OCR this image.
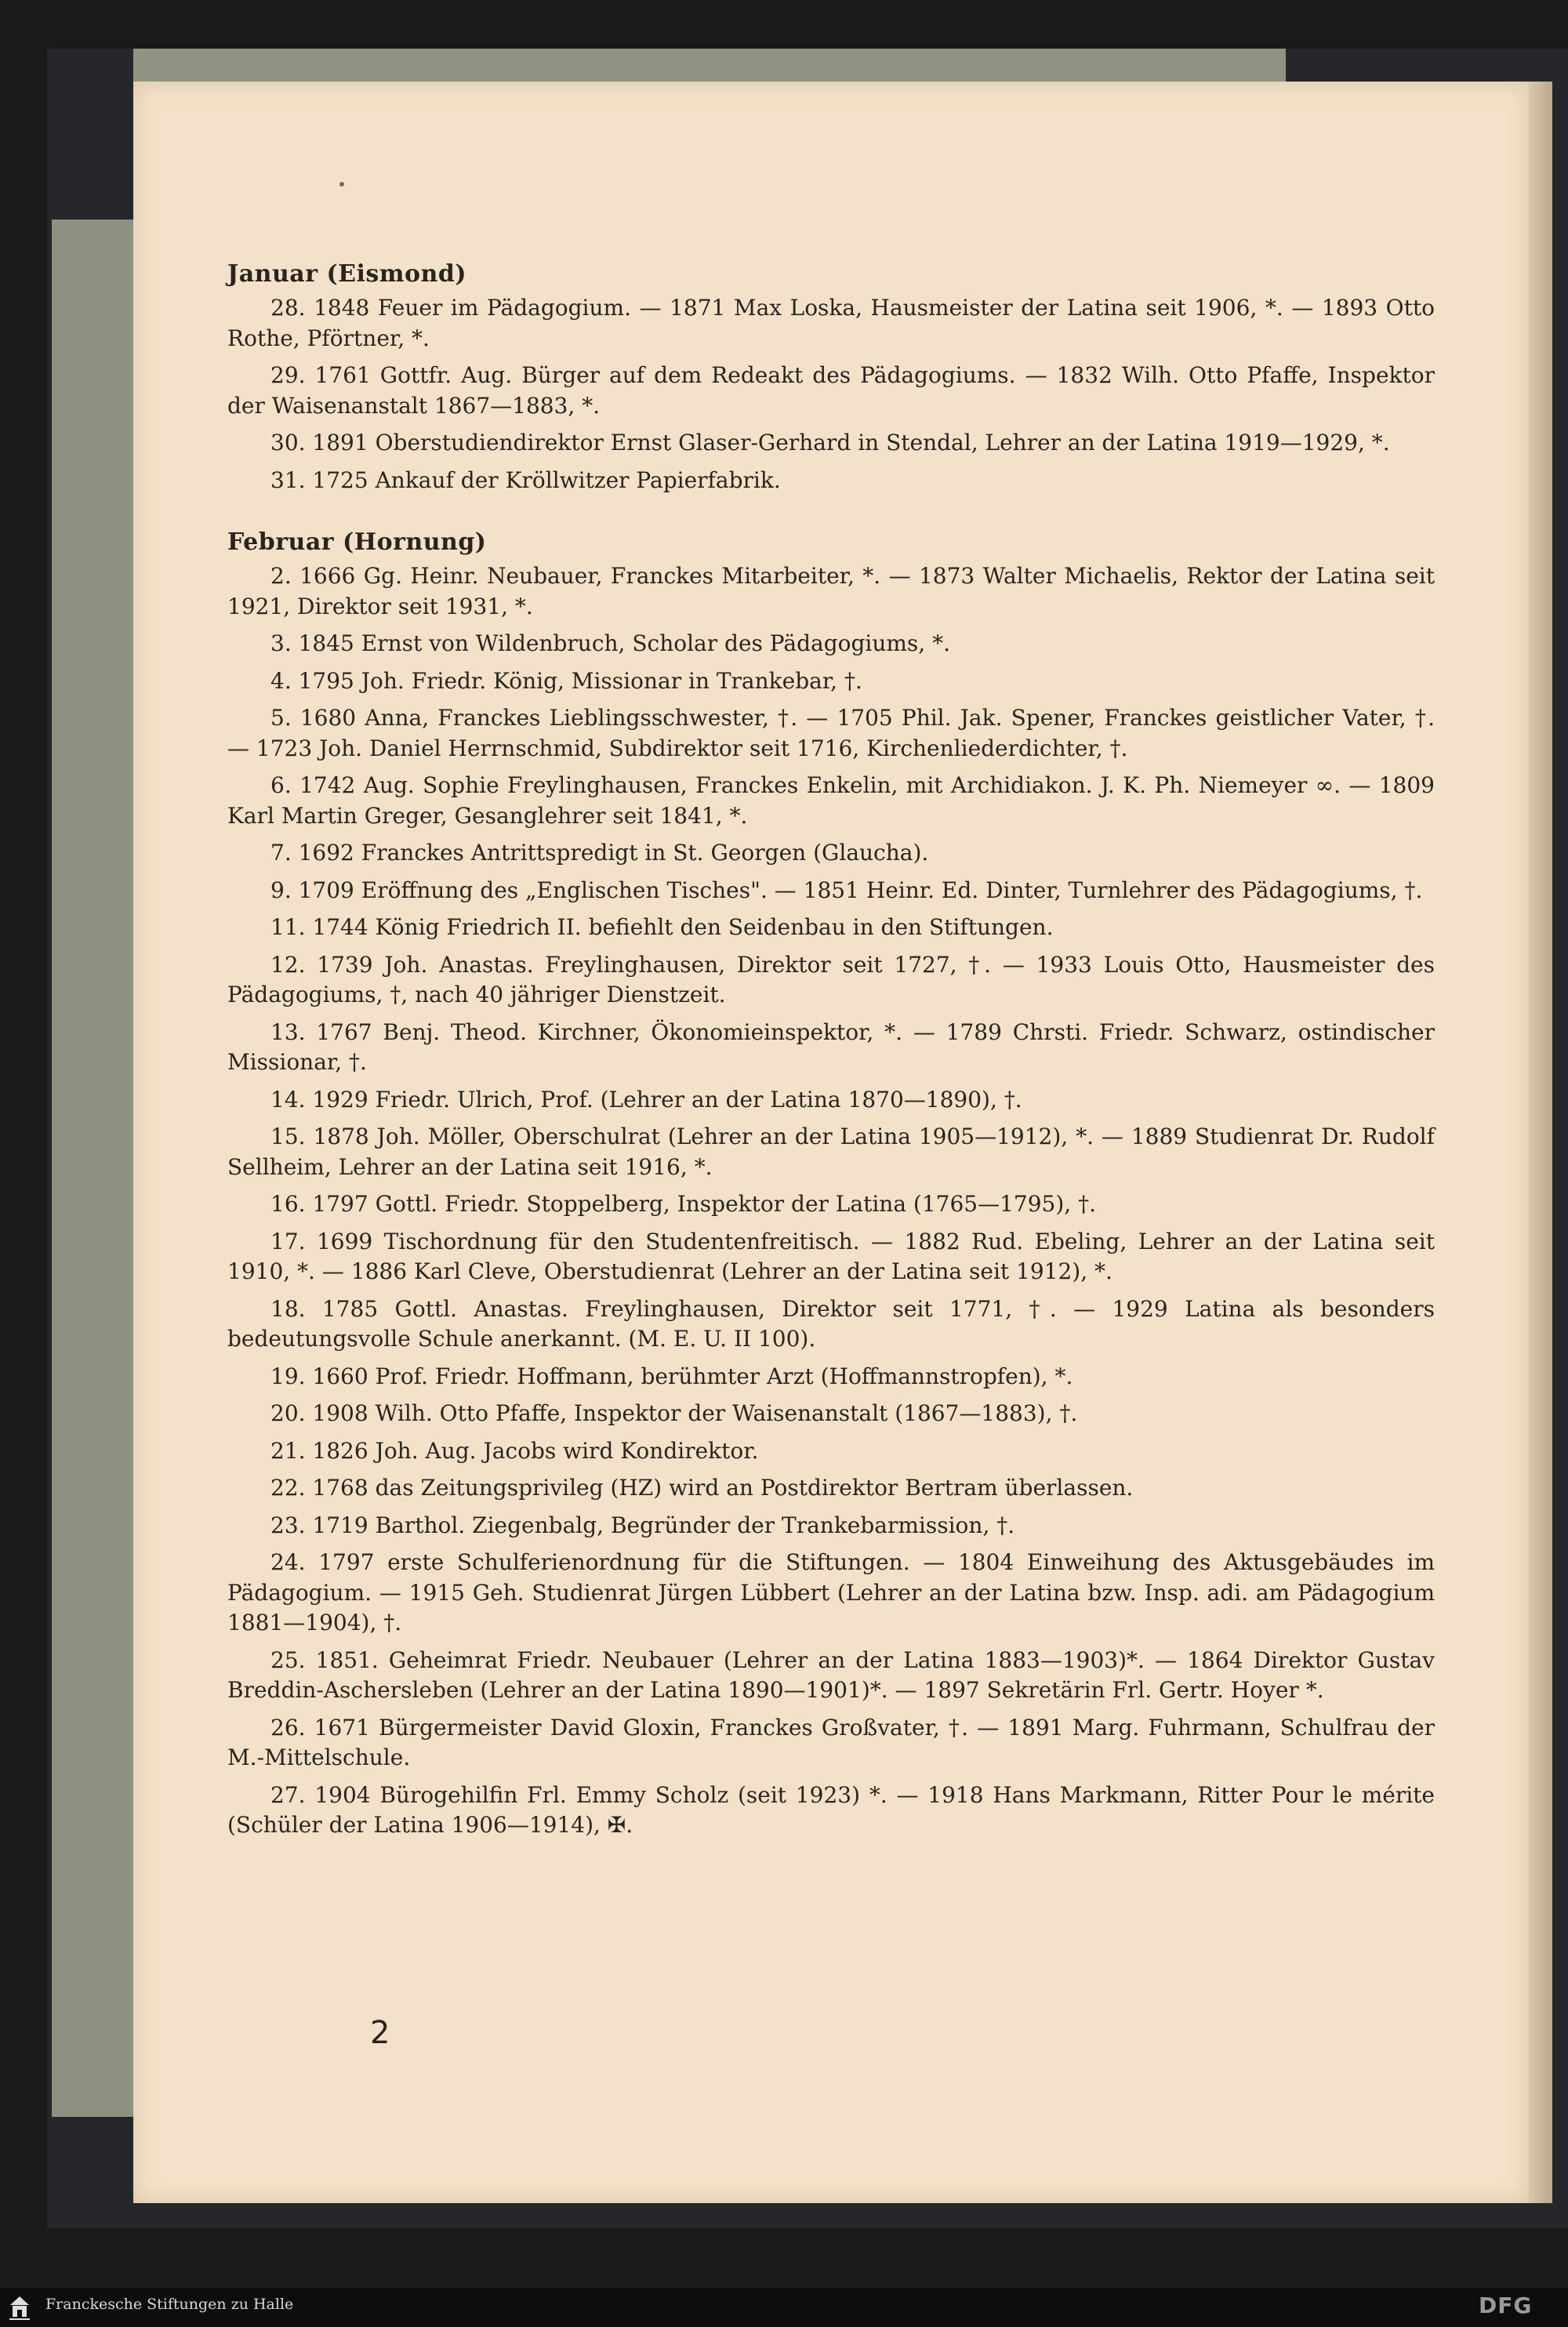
Januar (Eismond)

28. 1848 Feuer im Pädagogium. — 1871 Max Loska, Hausmeister der Latina seit 1906, *. — 1893 Otto Rothe, Pförtner, *.

29. 1761 Gottfr. Aug. Bürger auf dem Redeakt des Pädagogiums. — 1832 Wilh. Otto Pfaffe, Inspektor der Waisenanstalt 1867—1883, *.

30. 1891 Oberstudiendirektor Ernst Glaser-Gerhard in Stendal, Lehrer an der Latina 1919—1929, *.

31. 1725 Ankauf der Kröllwitzer Papierfabrik.

Februar (Hornung)

2. 1666 Gg. Heinr. Neubauer, Franckes Mitarbeiter, *. — 1873 Walter Michaelis, Rektor der Latina seit 1921, Direktor seit 1931, *.

3. 1845 Ernst von Wildenbruch, Scholar des Pädagogiums, *.

4. 1795 Joh. Friedr. König, Missionar in Trankebar, †.

5. 1680 Anna, Franckes Lieblingsschwester, †. — 1705 Phil. Jak. Spener, Franckes geistlicher Vater, †. — 1723 Joh. Daniel Herrnschmid, Subdirektor seit 1716, Kirchenliederdichter, †.

6. 1742 Aug. Sophie Freylinghausen, Franckes Enkelin, mit Archidiakon. J. K. Ph. Niemeyer ∞. — 1809 Karl Martin Greger, Gesanglehrer seit 1841, *.

7. 1692 Franckes Antrittspredigt in St. Georgen (Glaucha).

9. 1709 Eröffnung des „Englischen Tisches". — 1851 Heinr. Ed. Dinter, Turnlehrer des Pädagogiums, †.

11. 1744 König Friedrich II. befiehlt den Seidenbau in den Stiftungen.

12. 1739 Joh. Anastas. Freylinghausen, Direktor seit 1727, †. — 1933 Louis Otto, Hausmeister des Pädagogiums, †, nach 40 jähriger Dienstzeit.

13. 1767 Benj. Theod. Kirchner, Ökonomieinspektor, *. — 1789 Chrsti. Friedr. Schwarz, ostindischer Missionar, †.

14. 1929 Friedr. Ulrich, Prof. (Lehrer an der Latina 1870—1890), †.

15. 1878 Joh. Möller, Oberschulrat (Lehrer an der Latina 1905—1912), *. — 1889 Studienrat Dr. Rudolf Sellheim, Lehrer an der Latina seit 1916, *.

16. 1797 Gottl. Friedr. Stoppelberg, Inspektor der Latina (1765—1795), †.

17. 1699 Tischordnung für den Studentenfreitisch. — 1882 Rud. Ebeling, Lehrer an der Latina seit 1910, *. — 1886 Karl Cleve, Oberstudienrat (Lehrer an der Latina seit 1912), *.

18. 1785 Gottl. Anastas. Freylinghausen, Direktor seit 1771, †. — 1929 Latina als besonders bedeutungsvolle Schule anerkannt. (M. E. U. II 100).

19. 1660 Prof. Friedr. Hoffmann, berühmter Arzt (Hoffmannstropfen), *.

20. 1908 Wilh. Otto Pfaffe, Inspektor der Waisenanstalt (1867—1883), †.

21. 1826 Joh. Aug. Jacobs wird Kondirektor.

22. 1768 das Zeitungsprivileg (HZ) wird an Postdirektor Bertram überlassen.

23. 1719 Barthol. Ziegenbalg, Begründer der Trankebarmission, †.

24. 1797 erste Schulferienordnung für die Stiftungen. — 1804 Einweihung des Aktusgebäudes im Pädagogium. — 1915 Geh. Studienrat Jürgen Lübbert (Lehrer an der Latina bzw. Insp. adi. am Pädagogium 1881—1904), †.

25. 1851. Geheimrat Friedr. Neubauer (Lehrer an der Latina 1883—1903)*. — 1864 Direktor Gustav Breddin-Aschersleben (Lehrer an der Latina 1890—1901)*. — 1897 Sekretärin Frl. Gertr. Hoyer *.

26. 1671 Bürgermeister David Gloxin, Franckes Großvater, †. — 1891 Marg. Fuhrmann, Schulfrau der M.-Mittelschule.

27. 1904 Bürogehilfin Frl. Emmy Scholz (seit 1923) *. — 1918 Hans Markmann, Ritter Pour le mérite (Schüler der Latina 1906—1914), ✠.

2
Franckesche Stiftungen zu Halle	DFG
